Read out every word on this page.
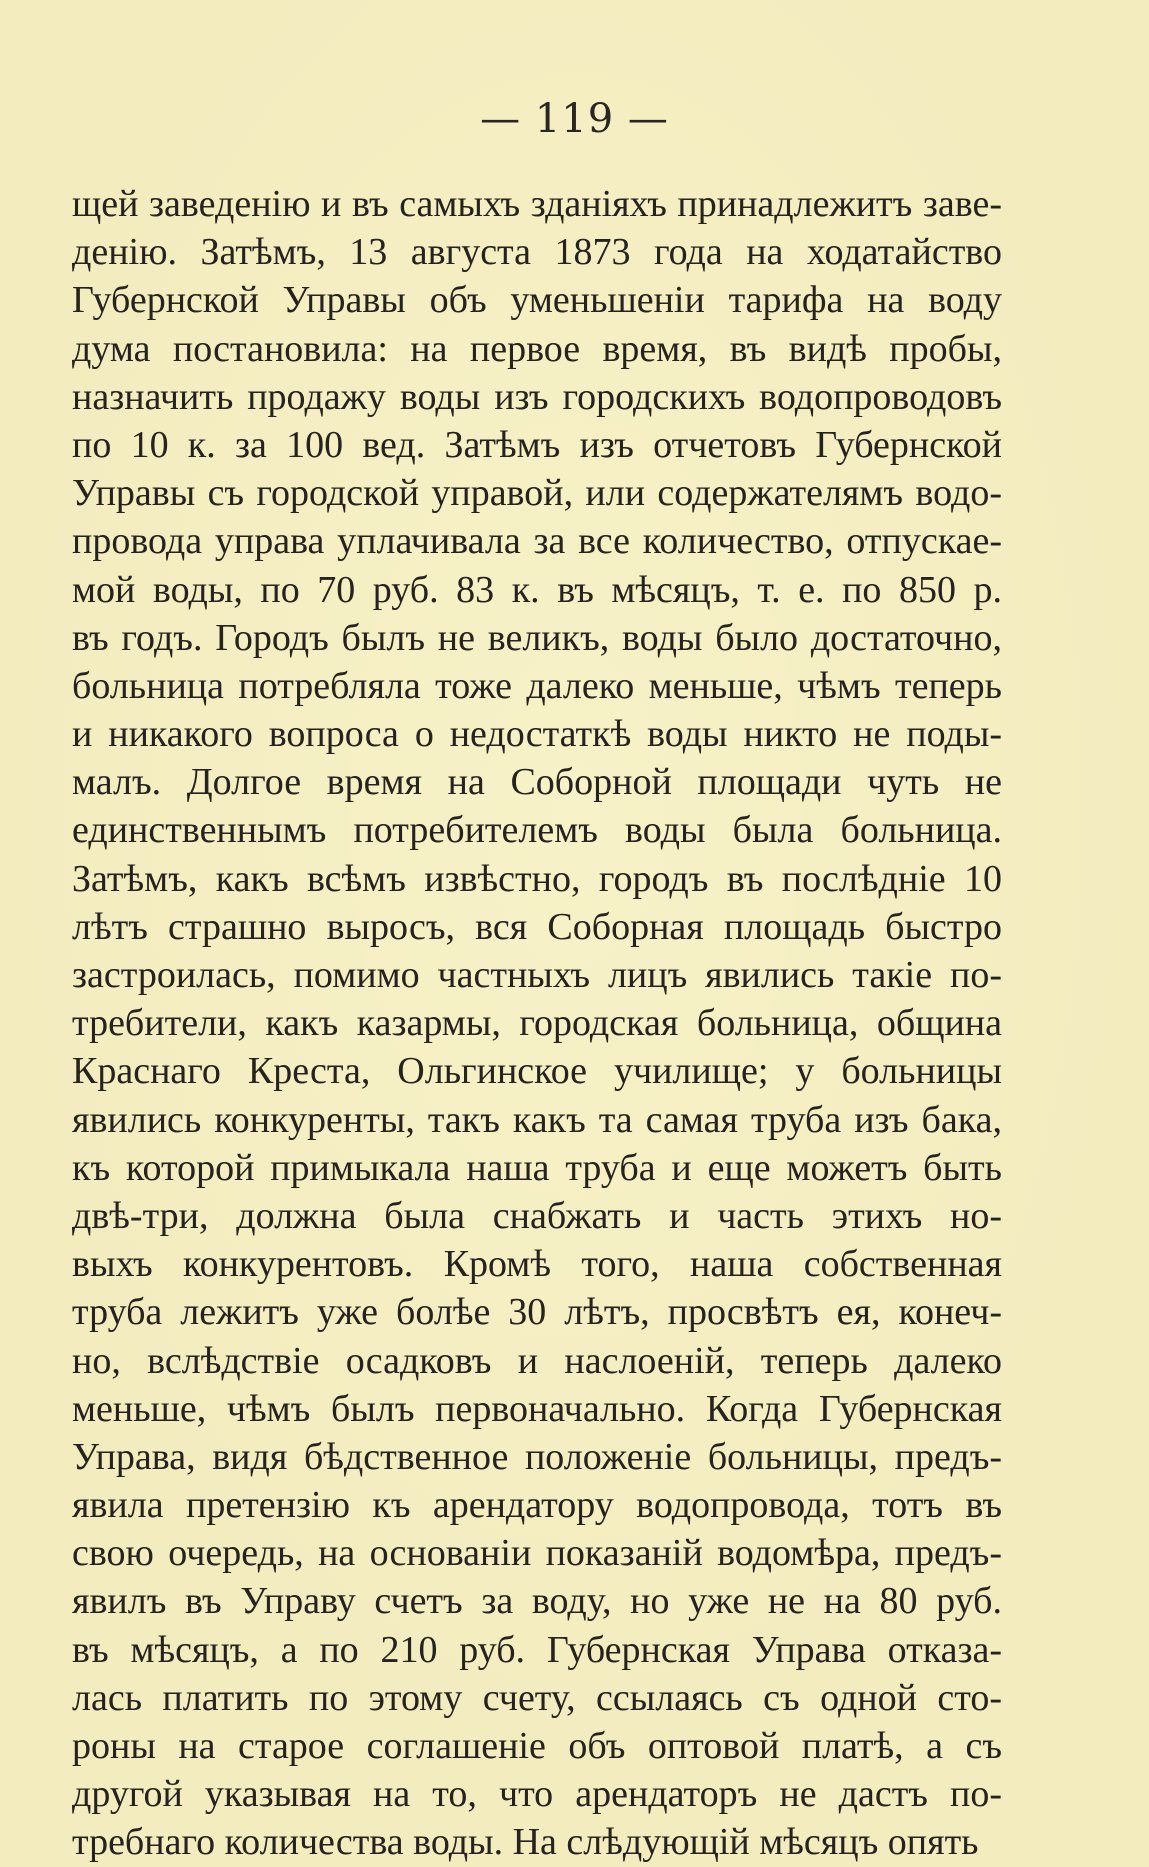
— 119 —
щей заведенію и въ самыхъ зданіяхъ принадлежитъ заве-
денію. Затѣмъ, 13 августа 1873 года на ходатайство
Губернской Управы объ уменьшеніи тарифа на воду
дума постановила: на первое время, въ видѣ пробы,
назначить продажу воды изъ городскихъ водопроводовъ
по 10 к. за 100 вед. Затѣмъ изъ отчетовъ Губернской
Управы съ городской управой, или содержателямъ водо-
провода управа уплачивала за все количество, отпускае-
мой воды, по 70 руб. 83 к. въ мѣсяцъ, т. е. по 850 р.
въ годъ. Городъ былъ не великъ, воды было достаточно,
больница потребляла тоже далеко меньше, чѣмъ теперь
и никакого вопроса о недостаткѣ воды никто не поды-
малъ. Долгое время на Соборной площади чуть не
единственнымъ потребителемъ воды была больница.
Затѣмъ, какъ всѣмъ извѣстно, городъ въ послѣдніе 10
лѣтъ страшно выросъ, вся Соборная площадь быстро
застроилась, помимо частныхъ лицъ явились такіе по-
требители, какъ казармы, городская больница, община
Краснаго Креста, Ольгинское училище; у больницы
явились конкуренты, такъ какъ та самая труба изъ бака,
къ которой примыкала наша труба и еще можетъ быть
двѣ-три, должна была снабжать и часть этихъ но-
выхъ конкурентовъ. Кромѣ того, наша собственная
труба лежитъ уже болѣе 30 лѣтъ, просвѣтъ ея, конеч-
но, вслѣдствіе осадковъ и наслоеній, теперь далеко
меньше, чѣмъ былъ первоначально. Когда Губернская
Управа, видя бѣдственное положеніе больницы, предъ-
явила претензію къ арендатору водопровода, тотъ въ
свою очередь, на основаніи показаній водомѣра, предъ-
явилъ въ Управу счетъ за воду, но уже не на 80 руб.
въ мѣсяцъ, а по 210 руб. Губернская Управа отказа-
лась платить по этому счету, ссылаясь съ одной сто-
роны на старое соглашеніе объ оптовой платѣ, а съ
другой указывая на то, что арендаторъ не дастъ по-
требнаго количества воды. На слѣдующій мѣсяцъ опять
